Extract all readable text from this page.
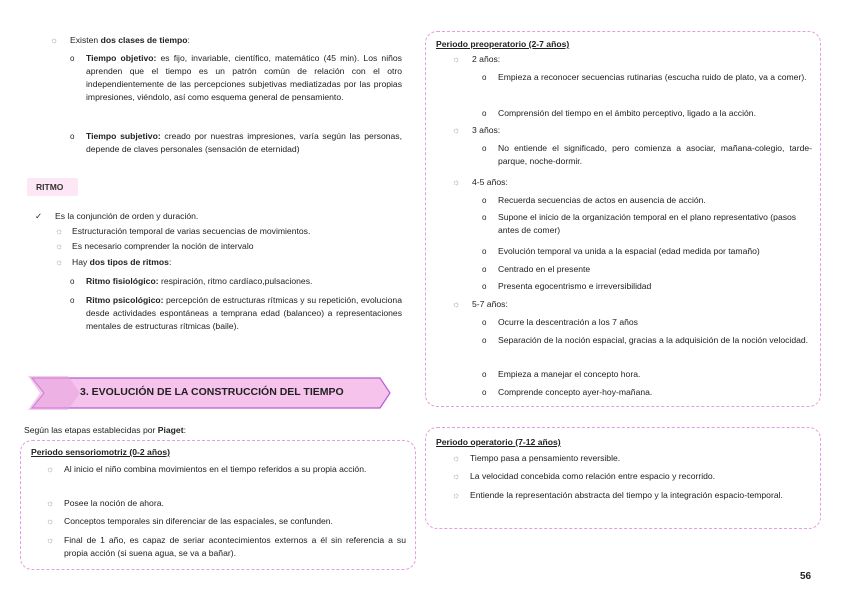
☼ Existen dos clases de tiempo:
o Tiempo objetivo: es fijo, invariable, científico, matemático (45 min). Los niños aprenden que el tiempo es un patrón común de relación con el otro independientemente de las percepciones subjetivas mediatizadas por las propias impresiones, viéndolo, así como esquema general de pensamiento.
o Tiempo subjetivo: creado por nuestras impresiones, varía según las personas, depende de claves personales (sensación de eternidad)
RITMO
✓ Es la conjunción de orden y duración.
☼ Estructuración temporal de varias secuencias de movimientos.
☼ Es necesario comprender la noción de intervalo
☼ Hay dos tipos de ritmos:
o Ritmo fisiológico: respiración, ritmo cardíaco,pulsaciones.
o Ritmo psicológico: percepción de estructuras rítmicas y su repetición, evoluciona desde actividades espontáneas a temprana edad (balanceo) a representaciones mentales de estructuras rítmicas (baile).
3. EVOLUCIÓN DE LA CONSTRUCCIÓN DEL TIEMPO
Según las etapas establecidas por Piaget:
Periodo sensoriomotriz (0-2 años)
☼ Al inicio el niño combina movimientos en el tiempo referidos a su propia acción.
☼ Posee la noción de ahora.
☼ Conceptos temporales sin diferenciar de las espaciales, se confunden.
☼ Final de 1 año, es capaz de seriar acontecimientos externos a él sin referencia a su propia acción (si suena agua, se va a bañar).
Periodo preoperatorio (2-7 años)
☼ 2 años:
o Empieza a reconocer secuencias rutinarias (escucha ruido de plato, va a comer).
o Comprensión del tiempo en el ámbito perceptivo, ligado a la acción.
☼ 3 años:
o No entiende el significado, pero comienza a asociar, mañana-colegio, tarde-parque, noche-dormir.
☼ 4-5 años:
o Recuerda secuencias de actos en ausencia de acción.
o Supone el inicio de la organización temporal en el plano representativo (pasos antes de comer)
o Evolución temporal va unida a la espacial (edad medida por tamaño)
o Centrado en el presente
o Presenta egocentrismo e irreversibilidad
☼ 5-7 años:
o Ocurre la descentración a los 7 años
o Separación de la noción espacial, gracias a la adquisición de la noción velocidad.
o Empieza a manejar el concepto hora.
o Comprende concepto ayer-hoy-mañana.
Periodo operatorio (7-12 años)
☼ Tiempo pasa a pensamiento reversible.
☼ La velocidad concebida como relación entre espacio y recorrido.
☼ Entiende la representación abstracta del tiempo y la integración espacio-temporal.
56
